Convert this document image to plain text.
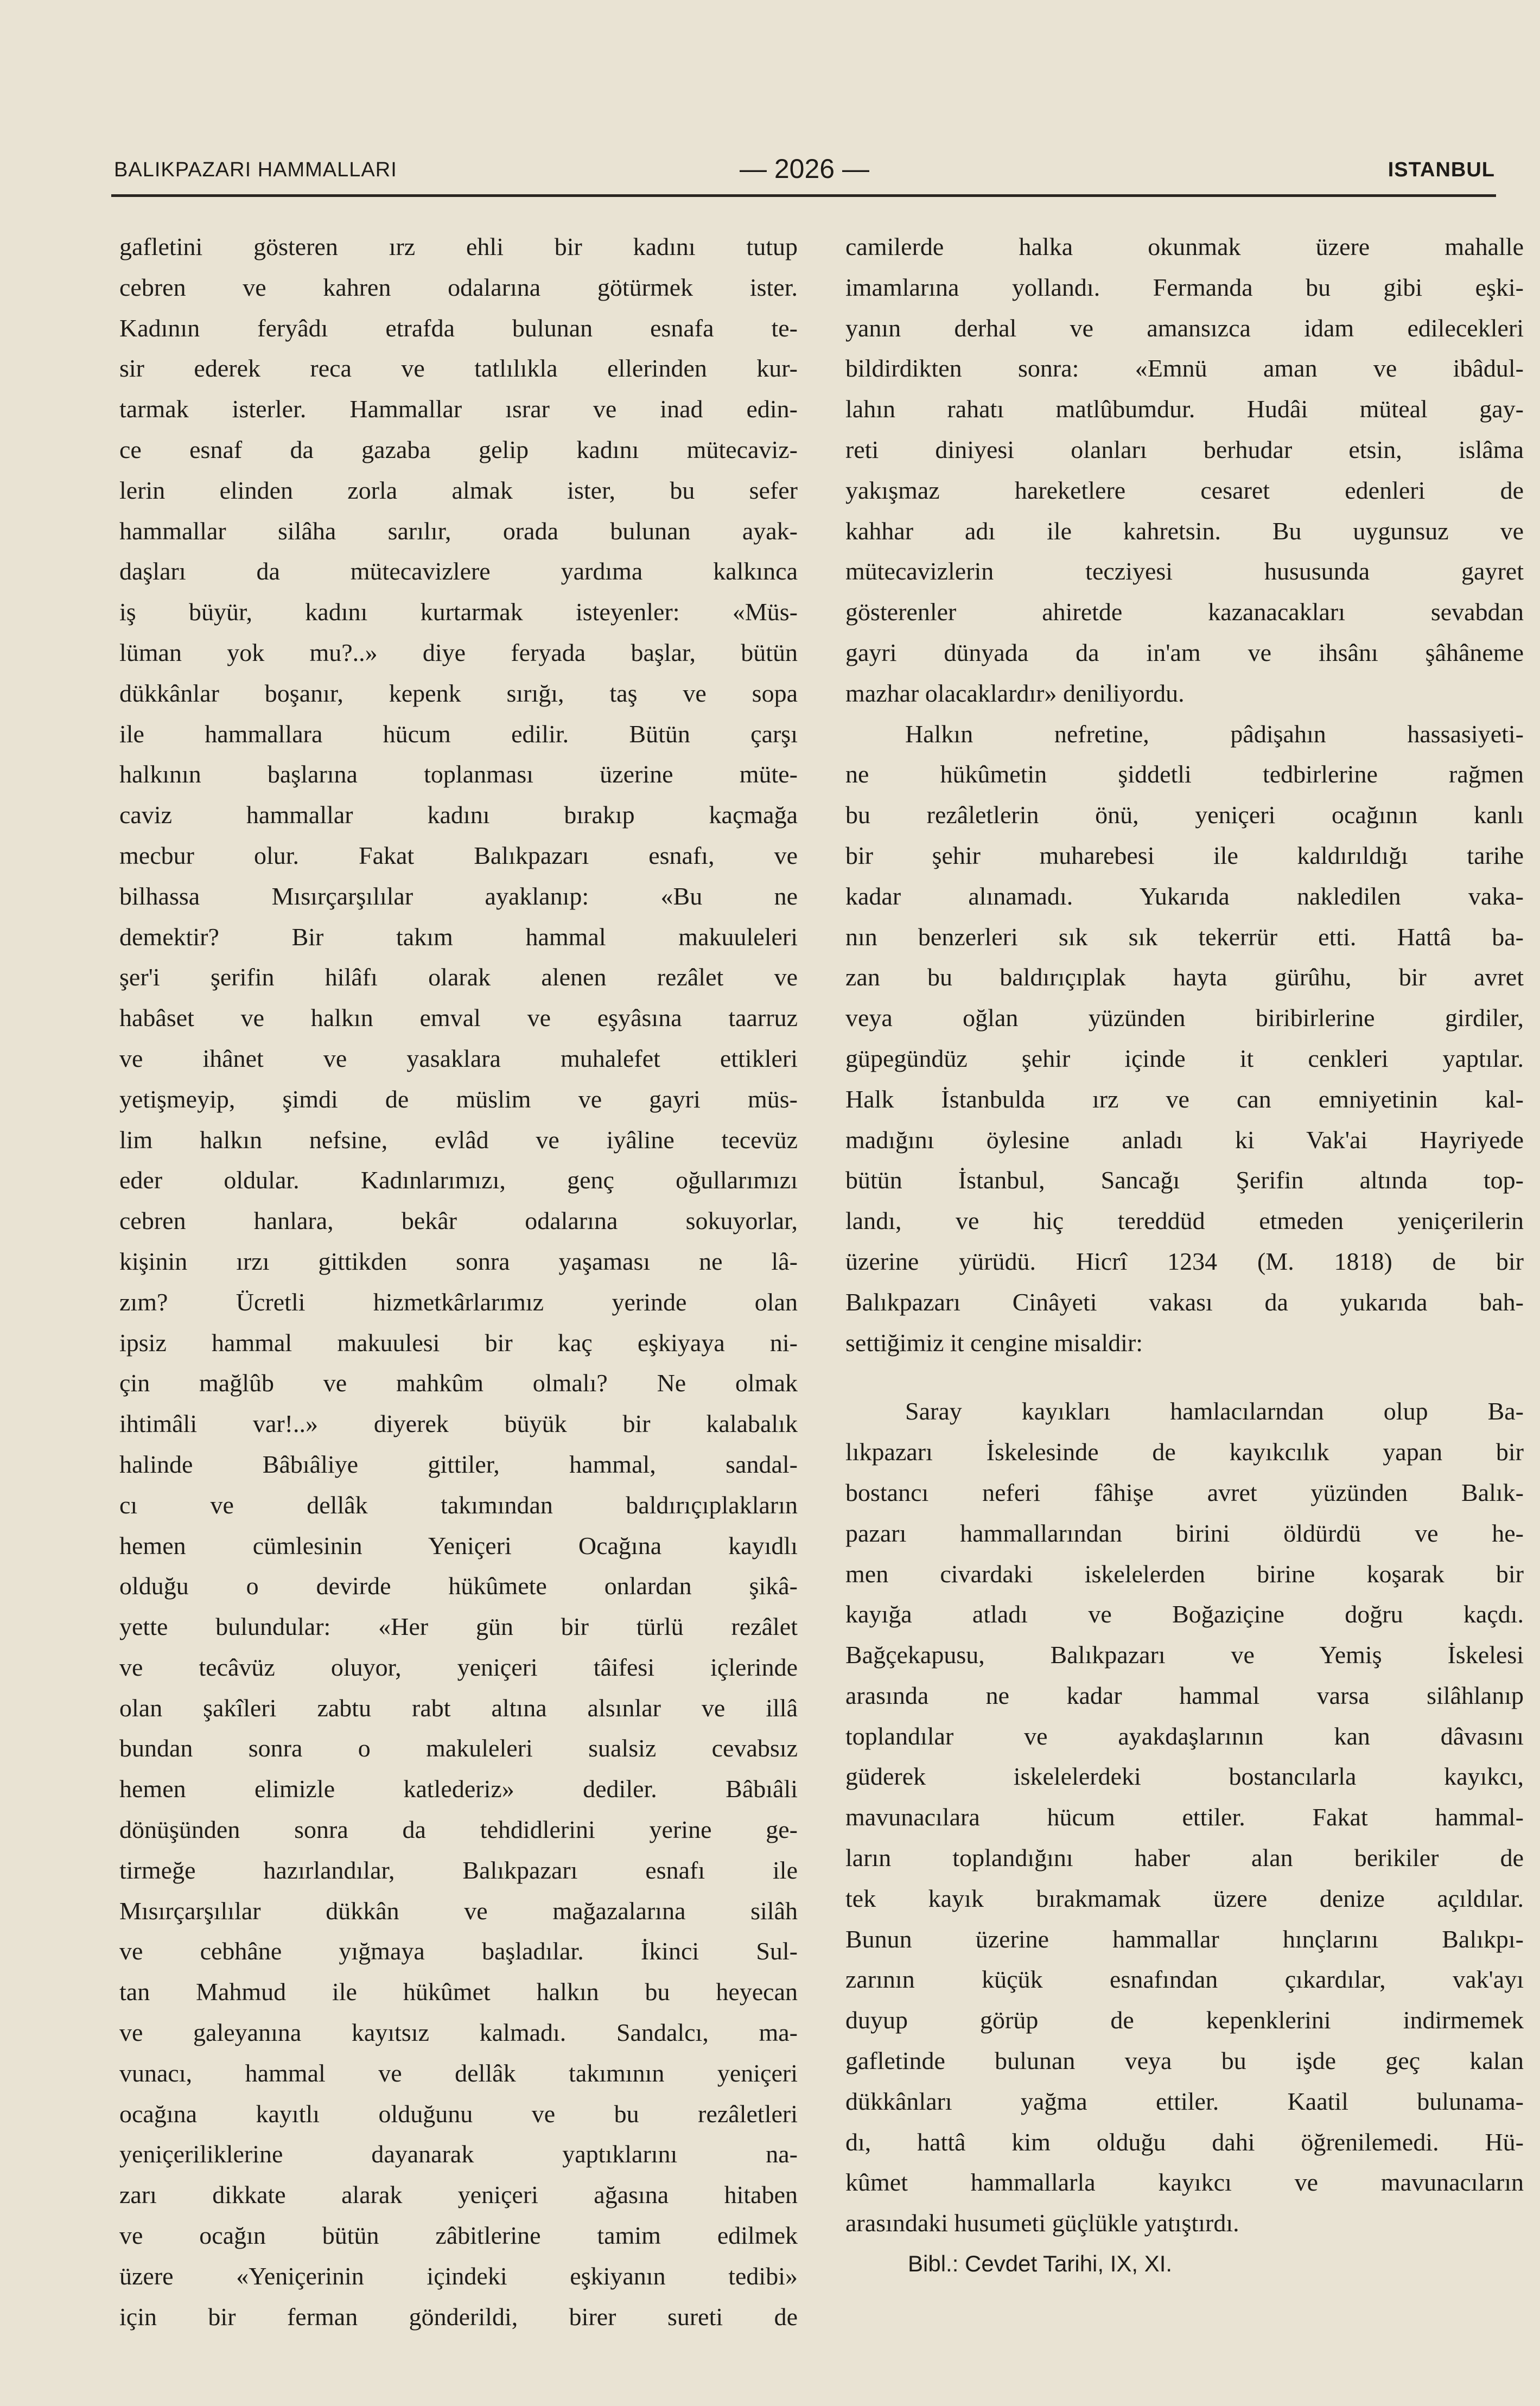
BALIKPAZARI HAMMALLARI	— 2026 —	ISTANBUL
gafletini gösteren ırz ehli bir kadını tutup
cebren ve kahren odalarına götürmek ister.
Kadının feryâdı etrafda bulunan esnafa te-
sir ederek reca ve tatlılıkla ellerinden kur-
tarmak isterler. Hammallar ısrar ve inad edin-
ce esnaf da gazaba gelip kadını mütecaviz-
lerin elinden zorla almak ister, bu sefer
hammallar silâha sarılır, orada bulunan ayak-
daşları da mütecavizlere yardıma kalkınca
iş büyür, kadını kurtarmak isteyenler: «Müs-
lüman yok mu?..» diye feryada başlar, bütün
dükkânlar boşanır, kepenk sırığı, taş ve sopa
ile hammallara hücum edilir. Bütün çarşı
halkının başlarına toplanması üzerine müte-
caviz hammallar kadını bırakıp kaçmağa
mecbur olur. Fakat Balıkpazarı esnafı, ve
bilhassa Mısırçarşılılar ayaklanıp: «Bu ne
demektir? Bir takım hammal makuuleleri
şer'i şerifin hilâfı olarak alenen rezâlet ve
habâset ve halkın emval ve eşyâsına taarruz
ve ihânet ve yasaklara muhalefet ettikleri
yetişmeyip, şimdi de müslim ve gayri müs-
lim halkın nefsine, evlâd ve iyâline tecevüz
eder oldular. Kadınlarımızı, genç oğullarımızı
cebren hanlara, bekâr odalarına sokuyorlar,
kişinin ırzı gittikden sonra yaşaması ne lâ-
zım? Ücretli hizmetkârlarımız yerinde olan
ipsiz hammal makuulesi bir kaç eşkiyaya ni-
çin mağlûb ve mahkûm olmalı? Ne olmak
ihtimâli var!..» diyerek büyük bir kalabalık
halinde Bâbıâliye gittiler, hammal, sandal-
cı ve dellâk takımından baldırıçıplakların
hemen cümlesinin Yeniçeri Ocağına kayıdlı
olduğu o devirde hükûmete onlardan şikâ-
yette bulundular: «Her gün bir türlü rezâlet
ve tecâvüz oluyor, yeniçeri tâifesi içlerinde
olan şakîleri zabtu rabt altına alsınlar ve illâ
bundan sonra o makuleleri sualsiz cevabsız
hemen elimizle katlederiz» dediler. Bâbıâli
dönüşünden sonra da tehdidlerini yerine ge-
tirmeğe hazırlandılar, Balıkpazarı esnafı ile
Mısırçarşılılar dükkân ve mağazalarına silâh
ve cebhâne yığmaya başladılar. İkinci Sul-
tan Mahmud ile hükûmet halkın bu heyecan
ve galeyanına kayıtsız kalmadı. Sandalcı, ma-
vunacı, hammal ve dellâk takımının yeniçeri
ocağına kayıtlı olduğunu ve bu rezâletleri
yeniçeriliklerine dayanarak yaptıklarını na-
zarı dikkate alarak yeniçeri ağasına hitaben
ve ocağın bütün zâbitlerine tamim edilmek
üzere «Yeniçerinin içindeki eşkiyanın tedibi»
için bir ferman gönderildi, birer sureti de
camilerde halka okunmak üzere mahalle
imamlarına yollandı. Fermanda bu gibi eşki-
yanın derhal ve amansızca idam edilecekleri
bildirdikten sonra: «Emnü aman ve ibâdul-
lahın rahatı matlûbumdur. Hudâi müteal gay-
reti diniyesi olanları berhudar etsin, islâma
yakışmaz hareketlere cesaret edenleri de
kahhar adı ile kahretsin. Bu uygunsuz ve
mütecavizlerin tecziyesi hususunda gayret
gösterenler ahiretde kazanacakları sevabdan
gayri dünyada da in'am ve ihsânı şâhâneme
mazhar olacaklardır» deniliyordu.
Halkın nefretine, pâdişahın hassasiyeti-
ne hükûmetin şiddetli tedbirlerine rağmen
bu rezâletlerin önü, yeniçeri ocağının kanlı
bir şehir muharebesi ile kaldırıldığı tarihe
kadar alınamadı. Yukarıda nakledilen vaka-
nın benzerleri sık sık tekerrür etti. Hattâ ba-
zan bu baldırıçıplak hayta gürûhu, bir avret
veya oğlan yüzünden biribirlerine girdiler,
güpegündüz şehir içinde it cenkleri yaptılar.
Halk İstanbulda ırz ve can emniyetinin kal-
madığını öylesine anladı ki Vak'ai Hayriyede
bütün İstanbul, Sancağı Şerifin altında top-
landı, ve hiç tereddüd etmeden yeniçerilerin
üzerine yürüdü. Hicrî 1234 (M. 1818) de bir
Balıkpazarı Cinâyeti vakası da yukarıda bah-
settiğimiz it cengine misaldir:
Saray kayıkları hamlacılarndan olup Ba-
lıkpazarı İskelesinde de kayıkcılık yapan bir
bostancı neferi fâhişe avret yüzünden Balık-
pazarı hammallarından birini öldürdü ve he-
men civardaki iskelelerden birine koşarak bir
kayığa atladı ve Boğaziçine doğru kaçdı.
Bağçekapusu, Balıkpazarı ve Yemiş İskelesi
arasında ne kadar hammal varsa silâhlanıp
toplandılar ve ayakdaşlarının kan dâvasını
güderek iskelelerdeki bostancılarla kayıkcı,
mavunacılara hücum ettiler. Fakat hammal-
ların toplandığını haber alan berikiler de
tek kayık bırakmamak üzere denize açıldılar.
Bunun üzerine hammallar hınçlarını Balıkpı-
zarının küçük esnafından çıkardılar, vak'ayı
duyup görüp de kepenklerini indirmemek
gafletinde bulunan veya bu işde geç kalan
dükkânları yağma ettiler. Kaatil bulunama-
dı, hattâ kim olduğu dahi öğrenilemedi. Hü-
kûmet hammallarla kayıkcı ve mavunacıların
arasındaki husumeti güçlükle yatıştırdı.
Bibl.: Cevdet Tarihi, IX, XI.
